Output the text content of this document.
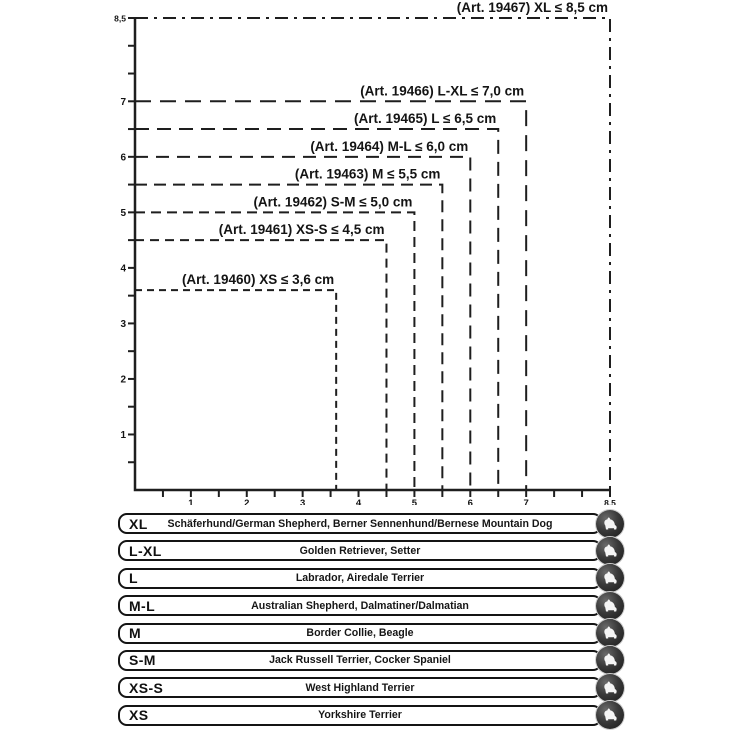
(Art. 19467) XL ≤ 8,5 cm
(Art. 19466) L-XL ≤ 7,0 cm
(Art. 19465) L ≤ 6,5 cm
(Art. 19464) M-L ≤ 6,0 cm
(Art. 19463) M ≤ 5,5 cm
(Art. 19462) S-M ≤ 5,0 cm
(Art. 19461) XS-S ≤ 4,5 cm
(Art. 19460) XS ≤ 3,6 cm
1
2
3
4
5
6
7
8,5
1	2	3	4	5	6	7	8,5
XL	Schäferhund/German Shepherd, Berner Sennenhund/Bernese Mountain Dog
L-XL	Golden Retriever, Setter
L	Labrador, Airedale Terrier
M-L	Australian Shepherd, Dalmatiner/Dalmatian
M	Border Collie, Beagle
S-M	Jack Russell Terrier, Cocker Spaniel
XS-S	West Highland Terrier
XS	Yorkshire Terrier
